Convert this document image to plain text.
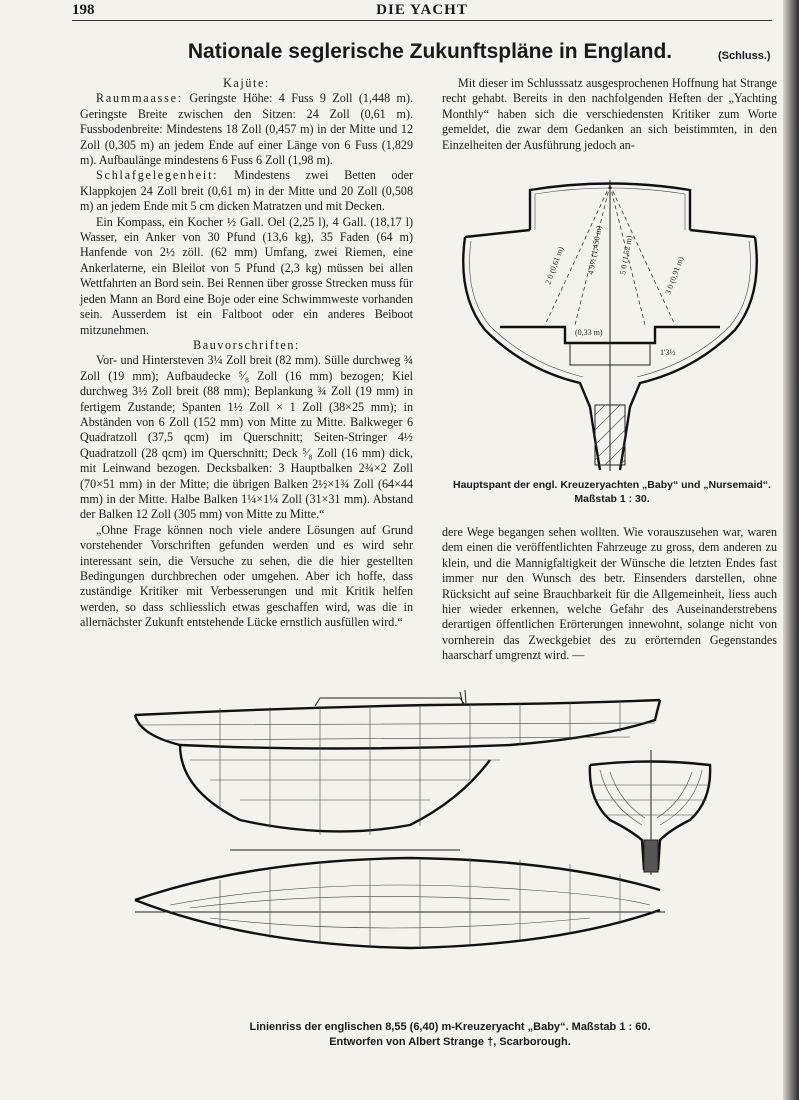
198	DIE YACHT
Nationale seglerische Zukunftspläne in England.	(Schluss.)

Kajüte:

Raummaasse: Geringste Höhe: 4 Fuss 9 Zoll (1,448 m). Geringste Breite zwischen den Sitzen: 24 Zoll (0,61 m). Fussbodenbreite: Mindestens 18 Zoll (0,457 m) in der Mitte und 12 Zoll (0,305 m) an jedem Ende auf einer Länge von 6 Fuss (1,829 m). Aufbaulänge mindestens 6 Fuss 6 Zoll (1,98 m).

Schlafgelegenheit: Mindestens zwei Betten oder Klappkojen 24 Zoll breit (0,61 m) in der Mitte und 20 Zoll (0,508 m) an jedem Ende mit 5 cm dicken Matratzen und mit Decken.

Ein Kompass, ein Kocher ½ Gall. Oel (2,25 l), 4 Gall. (18,17 l) Wasser, ein Anker von 30 Pfund (13,6 kg), 35 Faden (64 m) Hanfende von 2½ zöll. (62 mm) Umfang, zwei Riemen, eine Ankerlaterne, ein Bleilot von 5 Pfund (2,3 kg) müssen bei allen Wettfahrten an Bord sein. Bei Rennen über grosse Strecken muss für jeden Mann an Bord eine Boje oder eine Schwimmweste vorhanden sein. Ausserdem ist ein Faltboot oder ein anderes Beiboot mitzunehmen.

Bauvorschriften:

Vor- und Hintersteven 3¼ Zoll breit (82 mm). Sülle durchweg ¾ Zoll (19 mm); Aufbaudecke ⁵⁄₈ Zoll (16 mm) bezogen; Kiel durchweg 3½ Zoll breit (88 mm); Beplankung ¾ Zoll (19 mm) in fertigem Zustande; Spanten 1½ Zoll × 1 Zoll (38×25 mm); in Abständen von 6 Zoll (152 mm) von Mitte zu Mitte. Balkweger 6 Quadratzoll (37,5 qcm) im Querschnitt; Seiten-Stringer 4½ Quadratzoll (28 qcm) im Querschnitt; Deck ⁵⁄₈ Zoll (16 mm) dick, mit Leinwand bezogen. Decksbalken: 3 Hauptbalken 2¾×2 Zoll (70×51 mm) in der Mitte; die übrigen Balken 2½×1¾ Zoll (64×44 mm) in der Mitte. Halbe Balken 1¼×1¼ Zoll (31×31 mm). Abstand der Balken 12 Zoll (305 mm) von Mitte zu Mitte.“

„Ohne Frage können noch viele andere Lösungen auf Grund vorstehender Vorschriften gefunden werden und es wird sehr interessant sein, die Versuche zu sehen, die die hier gestellten Bedingungen durchbrechen oder umgehen. Aber ich hoffe, dass zuständige Kritiker mit Verbesserungen und mit Kritik helfen werden, so dass schliesslich etwas geschaffen wird, was die in allernächster Zukunft entstehende Lücke ernstlich ausfüllen wird.“

Mit dieser im Schlusssatz ausgesprochenen Hoffnung hat Strange recht gehabt. Bereits in den nachfolgenden Heften der „Yachting Monthly“ haben sich die verschiedensten Kritiker zum Worte gemeldet, die zwar dem Gedanken an sich beistimmten, in den Einzelheiten der Ausführung jedoch an-

4 9½ (1,450 m) 5 0 (1,52 m)
2 0 (0,61 m)	3 0 (0,91 m)
1'3½
(0,33 m)
Hauptspant der engl. Kreuzeryachten „Baby“ und „Nursemaid“.
Maßstab 1 : 30.

dere Wege begangen sehen wollten. Wie vorauszusehen war, waren dem einen die veröffentlichten Fahrzeuge zu gross, dem anderen zu klein, und die Mannigfaltigkeit der Wünsche die letzten Endes fast immer nur den Wunsch des betr. Einsenders darstellen, ohne Rücksicht auf seine Brauchbarkeit für die Allgemeinheit, liess auch hier wieder erkennen, welche Gefahr des Auseinanderstrebens derartigen öffentlichen Erörterungen innewohnt, solange nicht von vornherein das Zweckgebiet des zu erörternden Gegenstandes haarscharf umgrenzt wird. —

Linienriss der englischen 8,55 (6,40) m-Kreuzeryacht „Baby“. Maßstab 1 : 60.
Entworfen von Albert Strange †, Scarborough.
